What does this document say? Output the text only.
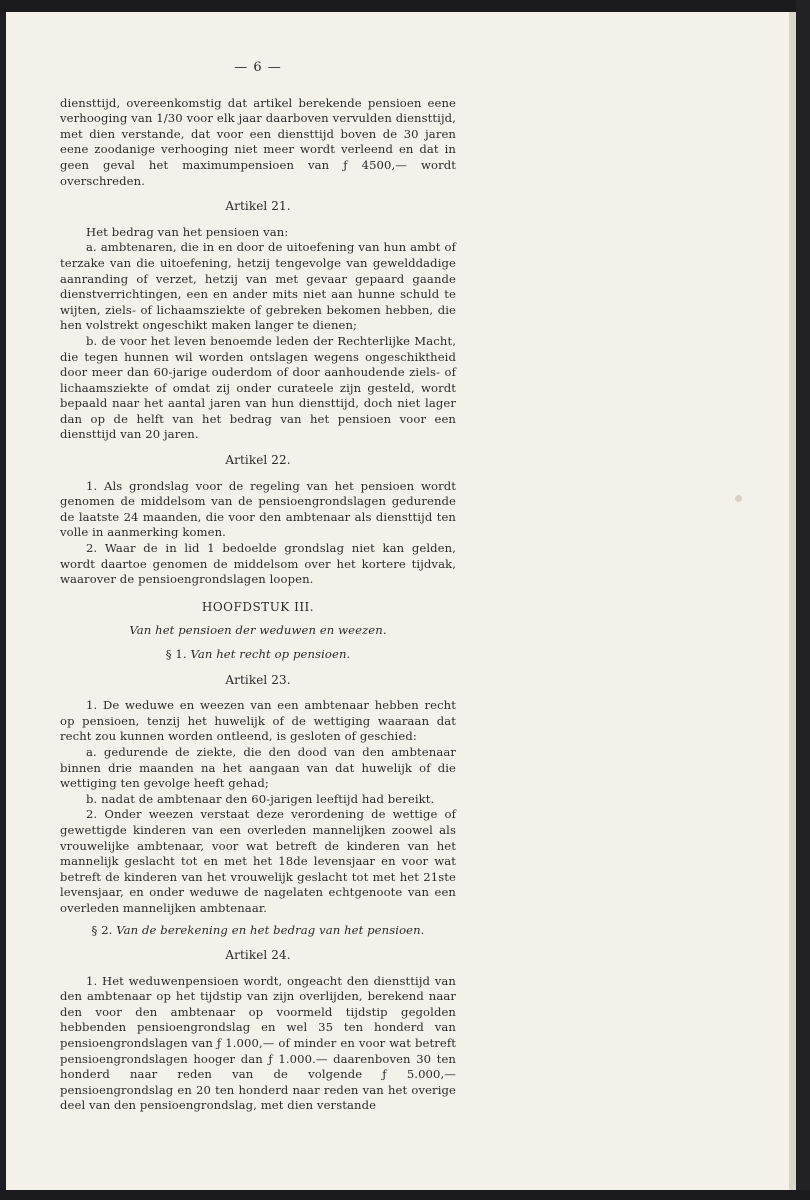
— 6 —

diensttijd, overeenkomstig dat artikel berekende pensioen eene verhooging van 1/30 voor elk jaar daarboven vervulden diensttijd, met dien verstande, dat voor een diensttijd boven de 30 jaren eene zoodanige verhooging niet meer wordt verleend en dat in geen geval het maximumpensioen van ƒ 4500,— wordt overschreden.

Artikel 21.

Het bedrag van het pensioen van:

a. ambtenaren, die in en door de uitoefening van hun ambt of terzake van die uitoefening, hetzij tengevolge van gewelddadige aanranding of verzet, hetzij van met gevaar gepaard gaande dienstverrichtingen, een en ander mits niet aan hunne schuld te wijten, ziels- of lichaamsziekte of gebreken bekomen hebben, die hen volstrekt ongeschikt maken langer te dienen;

b. de voor het leven benoemde leden der Rechterlijke Macht, die tegen hunnen wil worden ontslagen wegens ongeschiktheid door meer dan 60-jarige ouderdom of door aanhoudende ziels- of lichaamsziekte of omdat zij onder curateele zijn gesteld, wordt bepaald naar het aantal jaren van hun diensttijd, doch niet lager dan op de helft van het bedrag van het pensioen voor een diensttijd van 20 jaren.

Artikel 22.

1. Als grondslag voor de regeling van het pensioen wordt genomen de middelsom van de pensioengrondslagen gedurende de laatste 24 maanden, die voor den ambtenaar als diensttijd ten volle in aanmerking komen.

2. Waar de in lid 1 bedoelde grondslag niet kan gelden, wordt daartoe genomen de middelsom over het kortere tijdvak, waarover de pensioengrondslagen loopen.

HOOFDSTUK III.
Van het pensioen der weduwen en weezen.
§ 1. Van het recht op pensioen.
Artikel 23.

1. De weduwe en weezen van een ambtenaar hebben recht op pensioen, tenzij het huwelijk of de wettiging waaraan dat recht zou kunnen worden ontleend, is gesloten of geschied:

a. gedurende de ziekte, die den dood van den ambtenaar binnen drie maanden na het aangaan van dat huwelijk of die wettiging ten gevolge heeft gehad;

b. nadat de ambtenaar den 60-jarigen leeftijd had bereikt.

2. Onder weezen verstaat deze verordening de wettige of gewettigde kinderen van een overleden mannelijken zoowel als vrouwelijke ambtenaar, voor wat betreft de kinderen van het mannelijk geslacht tot en met het 18de levensjaar en voor wat betreft de kinderen van het vrouwelijk geslacht tot met het 21ste levensjaar, en onder weduwe de nagelaten echtgenoote van een overleden mannelijken ambtenaar.

§ 2. Van de berekening en het bedrag van het pensioen.
Artikel 24.

1. Het weduwenpensioen wordt, ongeacht den diensttijd van den ambtenaar op het tijdstip van zijn overlijden, berekend naar den voor den ambtenaar op voormeld tijdstip gegolden hebbenden pensioengrondslag en wel 35 ten honderd van pensioengrondslagen van ƒ 1.000,— of minder en voor wat betreft pensioengrondslagen hooger dan ƒ 1.000.— daarenboven 30 ten honderd naar reden van de volgende ƒ 5.000,— pensioengrondslag en 20 ten honderd naar reden van het overige deel van den pensioengrondslag, met dien verstande
